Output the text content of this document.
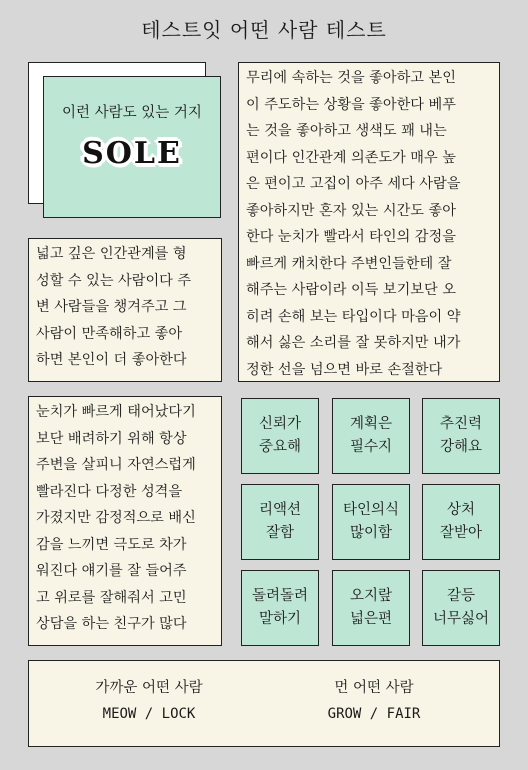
테스트잇 어떤 사람 테스트
이런 사람도 있는 거지
SOLE
무리에 속하는 것을 좋아하고 본인
이 주도하는 상황을 좋아한다 베푸
는 것을 좋아하고 생색도 꽤 내는
편이다 인간관계 의존도가 매우 높
은 편이고 고집이 아주 세다 사람을
좋아하지만 혼자 있는 시간도 좋아
한다 눈치가 빨라서 타인의 감정을
빠르게 캐치한다 주변인들한테 잘
해주는 사람이라 이득 보기보단 오
히려 손해 보는 타입이다 마음이 약
해서 싫은 소리를 잘 못하지만 내가
정한 선을 넘으면 바로 손절한다
넓고 깊은 인간관계를 형
성할 수 있는 사람이다 주
변 사람들을 챙겨주고 그
사람이 만족해하고 좋아
하면 본인이 더 좋아한다
눈치가 빠르게 태어났다기
보단 배려하기 위해 항상
주변을 살피니 자연스럽게
빨라진다 다정한 성격을
가졌지만 감정적으로 배신
감을 느끼면 극도로 차가
워진다 얘기를 잘 들어주
고 위로를 잘해줘서 고민
상담을 하는 친구가 많다
신뢰가
중요해
계획은
필수지
추진력
강해요
리액션
잘함
타인의식
많이함
상처
잘받아
돌려돌려
말하기
오지랖
넓은편
갈등
너무싫어
가까운 어떤 사람
MEOW / LOCK
먼 어떤 사람
GROW / FAIR
